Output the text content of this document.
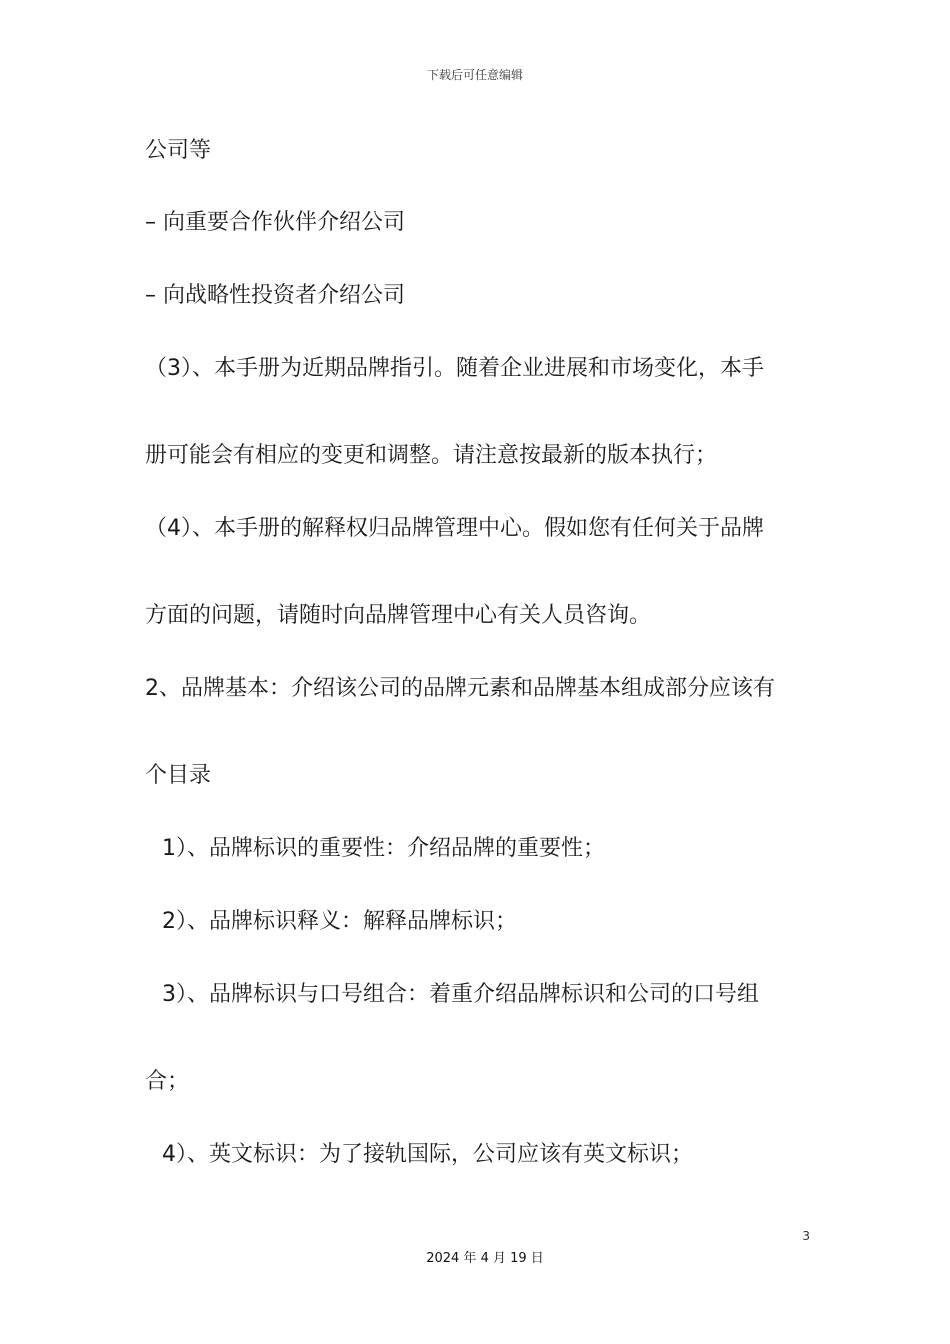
下载后可任意编辑
公司等
– 向重要合作伙伴介绍公司
– 向战略性投资者介绍公司
（3）、本手册为近期品牌指引。随着企业进展和市场变化，本手
册可能会有相应的变更和调整。请注意按最新的版本执行；
（4）、本手册的解释权归品牌管理中心。假如您有任何关于品牌
方面的问题，请随时向品牌管理中心有关人员咨询。
2、品牌基本：介绍该公司的品牌元素和品牌基本组成部分应该有
个目录
1）、品牌标识的重要性：介绍品牌的重要性；
2）、品牌标识释义：解释品牌标识；
3）、品牌标识与口号组合：着重介绍品牌标识和公司的口号组
合；
4）、英文标识：为了接轨国际，公司应该有英文标识；
3
2024 年 4 月 19 日
